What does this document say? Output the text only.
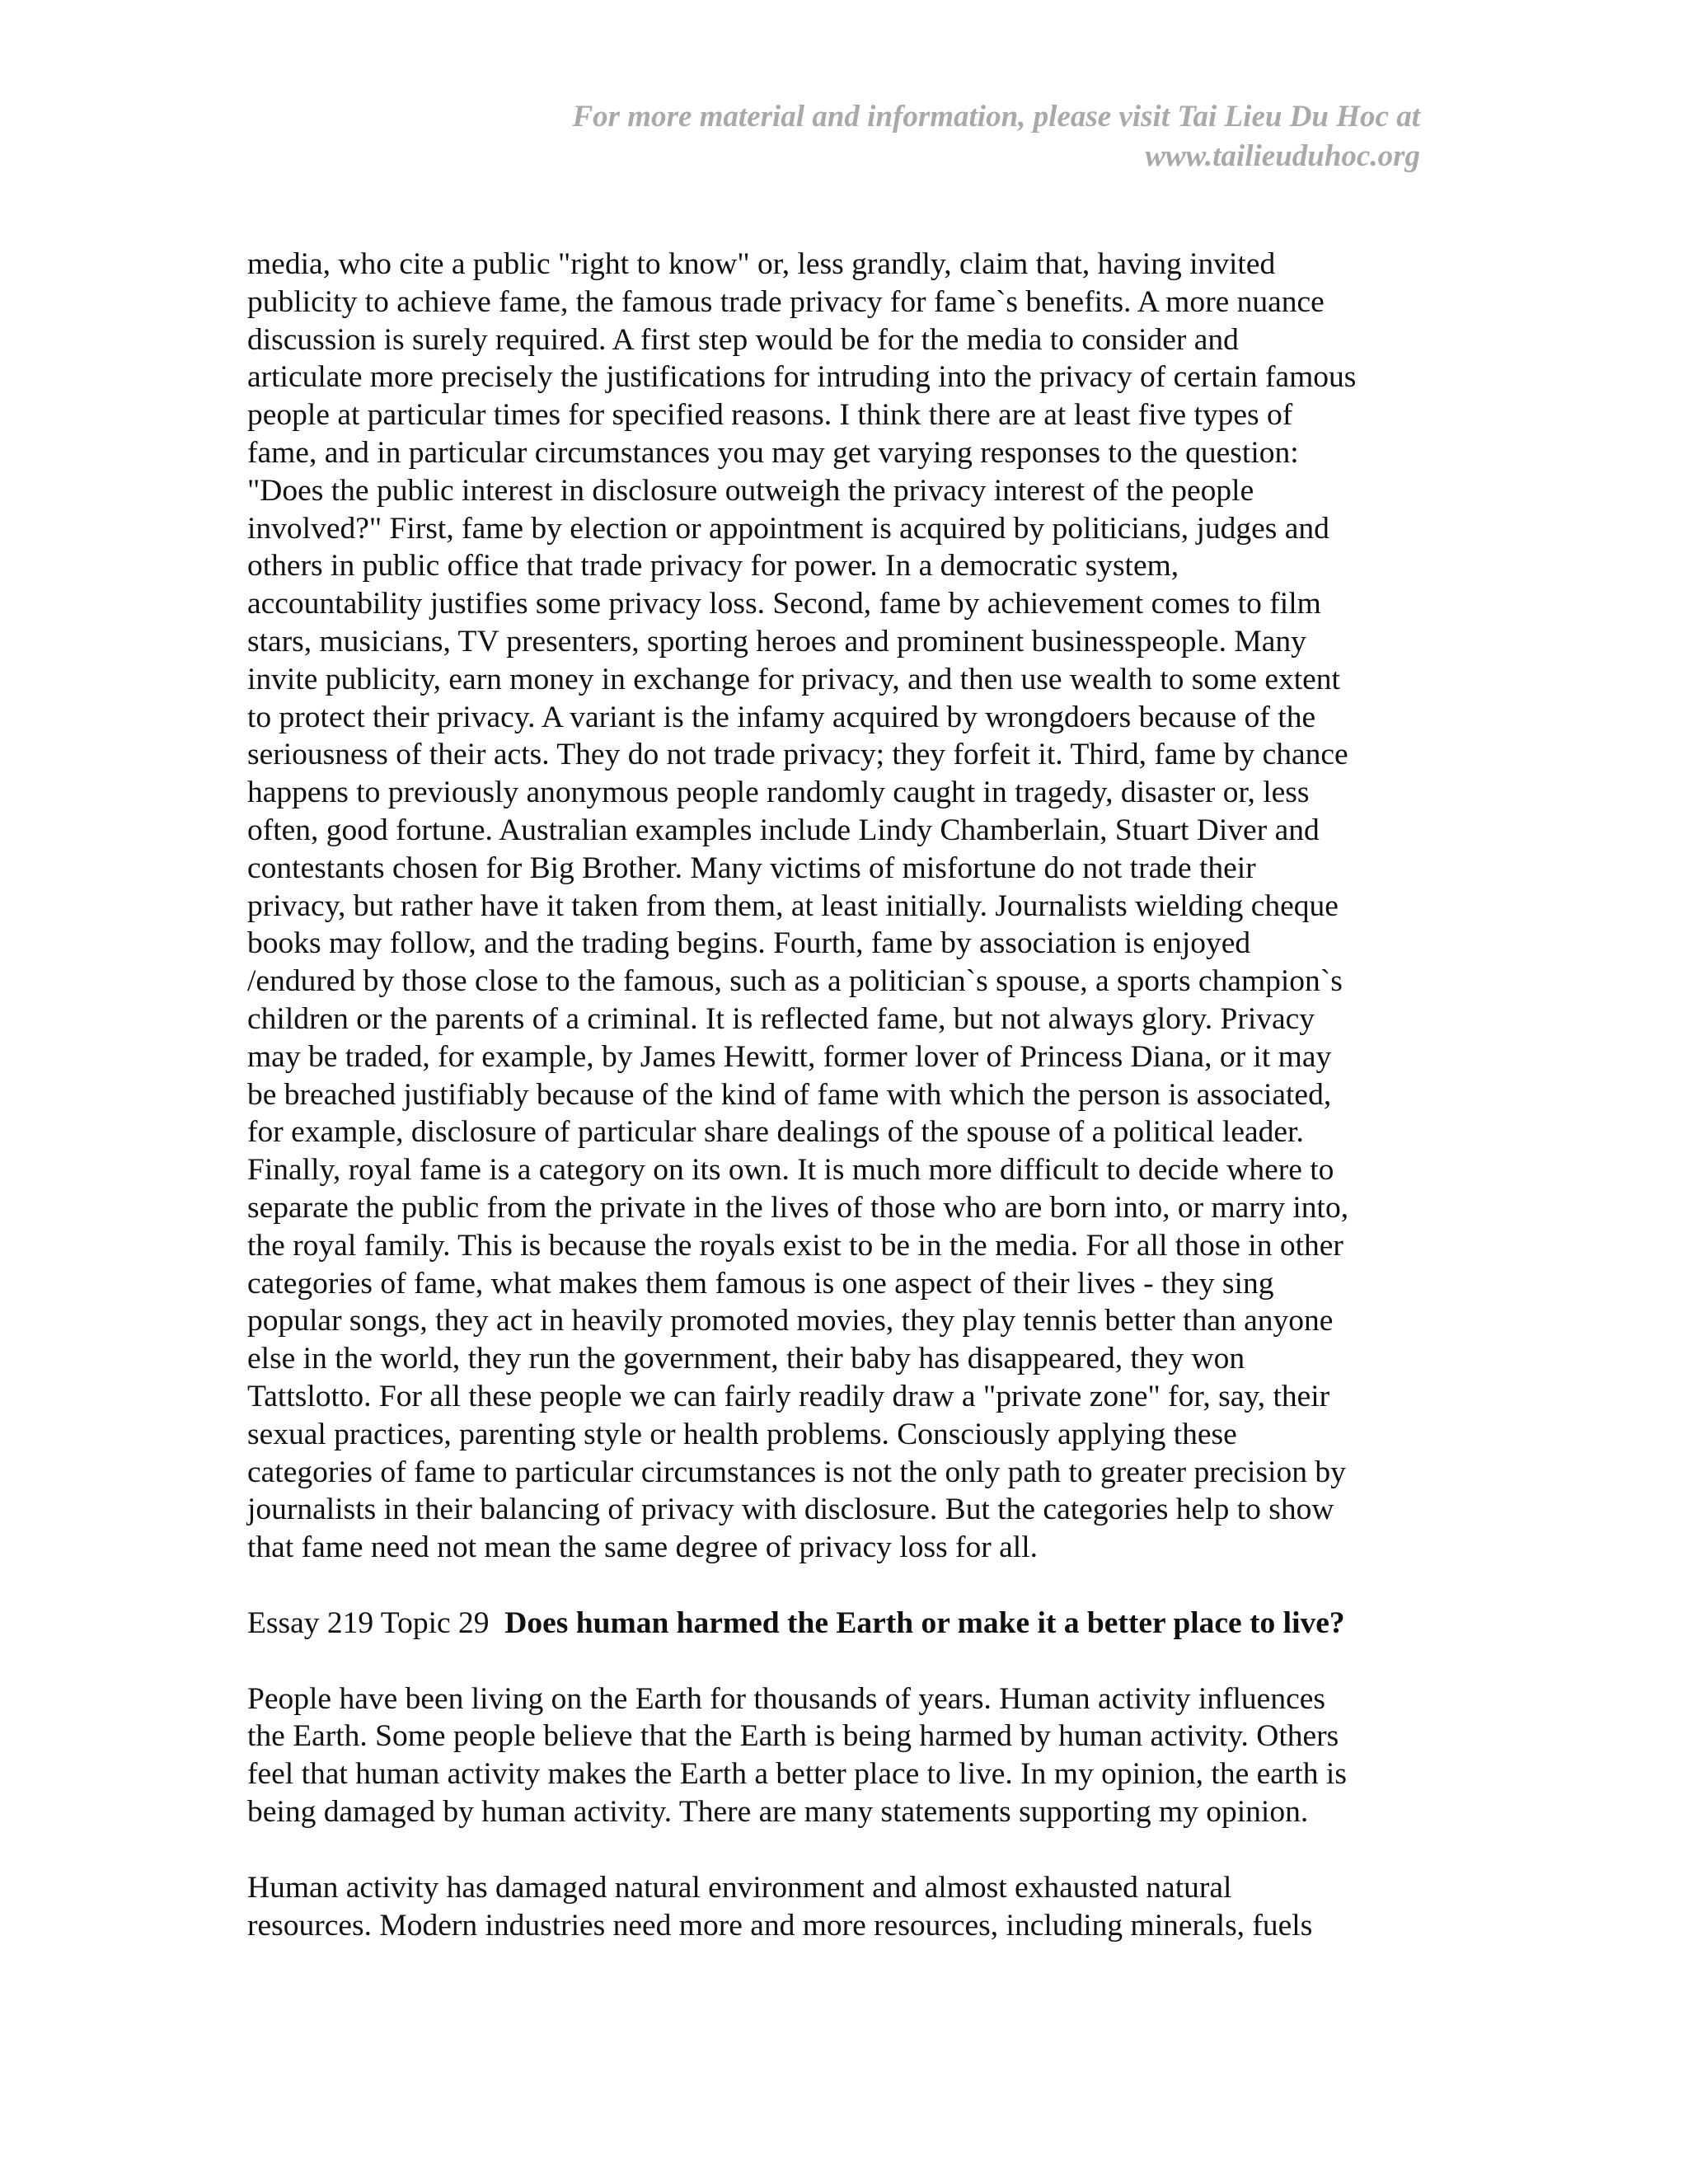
For more material and information, please visit Tai Lieu Du Hoc at
www.tailieuduhoc.org

media, who cite a public "right to know" or, less grandly, claim that, having invited
publicity to achieve fame, the famous trade privacy for fame`s benefits. A more nuance
discussion is surely required. A first step would be for the media to consider and
articulate more precisely the justifications for intruding into the privacy of certain famous
people at particular times for specified reasons. I think there are at least five types of
fame, and in particular circumstances you may get varying responses to the question:
"Does the public interest in disclosure outweigh the privacy interest of the people
involved?" First, fame by election or appointment is acquired by politicians, judges and
others in public office that trade privacy for power. In a democratic system,
accountability justifies some privacy loss. Second, fame by achievement comes to film
stars, musicians, TV presenters, sporting heroes and prominent businesspeople. Many
invite publicity, earn money in exchange for privacy, and then use wealth to some extent
to protect their privacy. A variant is the infamy acquired by wrongdoers because of the
seriousness of their acts. They do not trade privacy; they forfeit it. Third, fame by chance
happens to previously anonymous people randomly caught in tragedy, disaster or, less
often, good fortune. Australian examples include Lindy Chamberlain, Stuart Diver and
contestants chosen for Big Brother. Many victims of misfortune do not trade their
privacy, but rather have it taken from them, at least initially. Journalists wielding cheque
books may follow, and the trading begins. Fourth, fame by association is enjoyed
/endured by those close to the famous, such as a politician`s spouse, a sports champion`s
children or the parents of a criminal. It is reflected fame, but not always glory. Privacy
may be traded, for example, by James Hewitt, former lover of Princess Diana, or it may
be breached justifiably because of the kind of fame with which the person is associated,
for example, disclosure of particular share dealings of the spouse of a political leader.
Finally, royal fame is a category on its own. It is much more difficult to decide where to
separate the public from the private in the lives of those who are born into, or marry into,
the royal family. This is because the royals exist to be in the media. For all those in other
categories of fame, what makes them famous is one aspect of their lives - they sing
popular songs, they act in heavily promoted movies, they play tennis better than anyone
else in the world, they run the government, their baby has disappeared, they won
Tattslotto. For all these people we can fairly readily draw a "private zone" for, say, their
sexual practices, parenting style or health problems. Consciously applying these
categories of fame to particular circumstances is not the only path to greater precision by
journalists in their balancing of privacy with disclosure. But the categories help to show
that fame need not mean the same degree of privacy loss for all.

Essay 219 Topic 29 Does human harmed the Earth or make it a better place to live?

People have been living on the Earth for thousands of years. Human activity influences
the Earth. Some people believe that the Earth is being harmed by human activity. Others
feel that human activity makes the Earth a better place to live. In my opinion, the earth is
being damaged by human activity. There are many statements supporting my opinion.

Human activity has damaged natural environment and almost exhausted natural
resources. Modern industries need more and more resources, including minerals, fuels
